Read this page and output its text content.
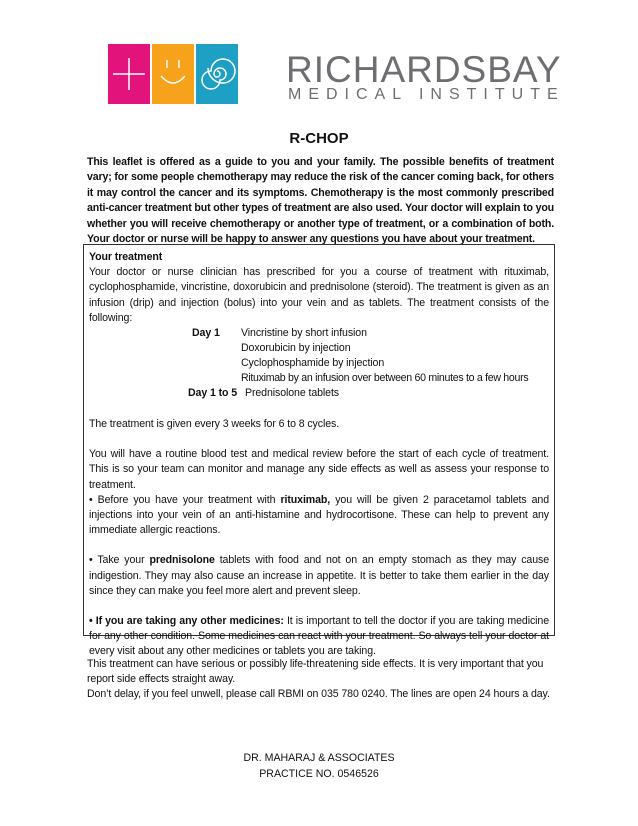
RICHARDSBAY
MEDICAL INSTITUTE
R-CHOP
This leaflet is offered as a guide to you and your family. The possible benefits of treatment vary; for some people chemotherapy may reduce the risk of the cancer coming back, for others it may control the cancer and its symptoms. Chemotherapy is the most commonly prescribed anti-cancer treatment but other types of treatment are also used. Your doctor will explain to you whether you will receive chemotherapy or another type of treatment, or a combination of both. Your doctor or nurse will be happy to answer any questions you have about your treatment.

Your treatment

Your doctor or nurse clinician has prescribed for you a course of treatment with rituximab, cyclophosphamide, vincristine, doxorubicin and prednisolone (steroid). The treatment is given as an infusion (drip) and injection (bolus) into your vein and as tablets. The treatment consists of the following:

Day 1 Vincristine by short infusion
Doxorubicin by injection
Cyclophosphamide by injection
Rituximab by an infusion over between 60 minutes to a few hours
Day 1 to 5 Prednisolone tablets

The treatment is given every 3 weeks for 6 to 8 cycles.

You will have a routine blood test and medical review before the start of each cycle of treatment. This is so your team can monitor and manage any side effects as well as assess your response to treatment.

• Before you have your treatment with rituximab, you will be given 2 paracetamol tablets and injections into your vein of an anti-histamine and hydrocortisone. These can help to prevent any immediate allergic reactions.

• Take your prednisolone tablets with food and not on an empty stomach as they may cause indigestion. They may also cause an increase in appetite. It is better to take them earlier in the day since they can make you feel more alert and prevent sleep.

• If you are taking any other medicines: It is important to tell the doctor if you are taking medicine for any other condition. Some medicines can react with your treatment. So always tell your doctor at every visit about any other medicines or tablets you are taking.

This treatment can have serious or possibly life-threatening side effects. It is very important that you report side effects straight away.

Don’t delay, if you feel unwell, please call RBMI on 035 780 0240. The lines are open 24 hours a day.

DR. MAHARAJ & ASSOCIATES
PRACTICE NO. 0546526
